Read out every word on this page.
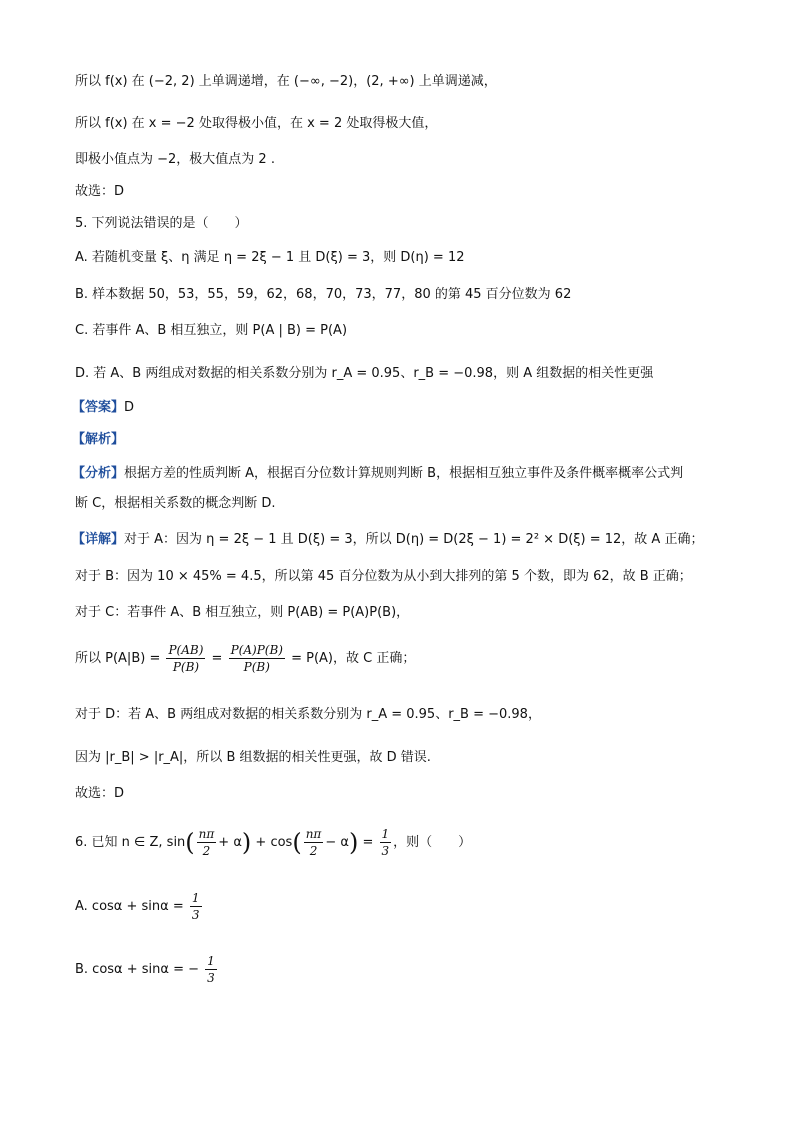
所以 f(x) 在 (−2, 2) 上单调递增，在 (−∞, −2)，(2, +∞) 上单调递减，
所以 f(x) 在 x = −2 处取得极小值，在 x = 2 处取得极大值，
即极小值点为 −2，极大值点为 2 .
故选：D
5. 下列说法错误的是（　　）
A. 若随机变量 ξ、η 满足 η = 2ξ − 1 且 D(ξ) = 3，则 D(η) = 12
B. 样本数据 50，53，55，59，62，68，70，73，77，80 的第 45 百分位数为 62
C. 若事件 A、B 相互独立，则 P(A | B) = P(A)
D. 若 A、B 两组成对数据的相关系数分别为 r_A = 0.95、r_B = −0.98，则 A 组数据的相关性更强
【答案】D
【解析】
【分析】根据方差的性质判断 A，根据百分位数计算规则判断 B，根据相互独立事件及条件概率概率公式判
断 C，根据相关系数的概念判断 D.
【详解】对于 A：因为 η = 2ξ − 1 且 D(ξ) = 3，所以 D(η) = D(2ξ − 1) = 2² × D(ξ) = 12，故 A 正确；
对于 B：因为 10 × 45% = 4.5，所以第 45 百分位数为从小到大排列的第 5 个数，即为 62，故 B 正确；
对于 C：若事件 A、B 相互独立，则 P(AB) = P(A)P(B)，
所以 $P(A|B) = \frac{P(AB)}{P(B)} = \frac{P(A)P(B)}{P(B)} = P(A)$，故 C 正确；
对于 D：若 A、B 两组成对数据的相关系数分别为 r_A = 0.95、r_B = −0.98，
因为 |r_B| > |r_A|，所以 B 组数据的相关性更强，故 D 错误.
故选：D
6. 已知 n ∈ Z, $\sin( \frac{n\pi}{2} + \alpha) + \cos( \frac{n\pi}{2} - \alpha) = \frac{1}{3}$ ，则（　　）
A. $\cos\alpha + \sin\alpha = \frac{1}{3}$
B. cosα + sinα = − $\frac{1}{3}$
